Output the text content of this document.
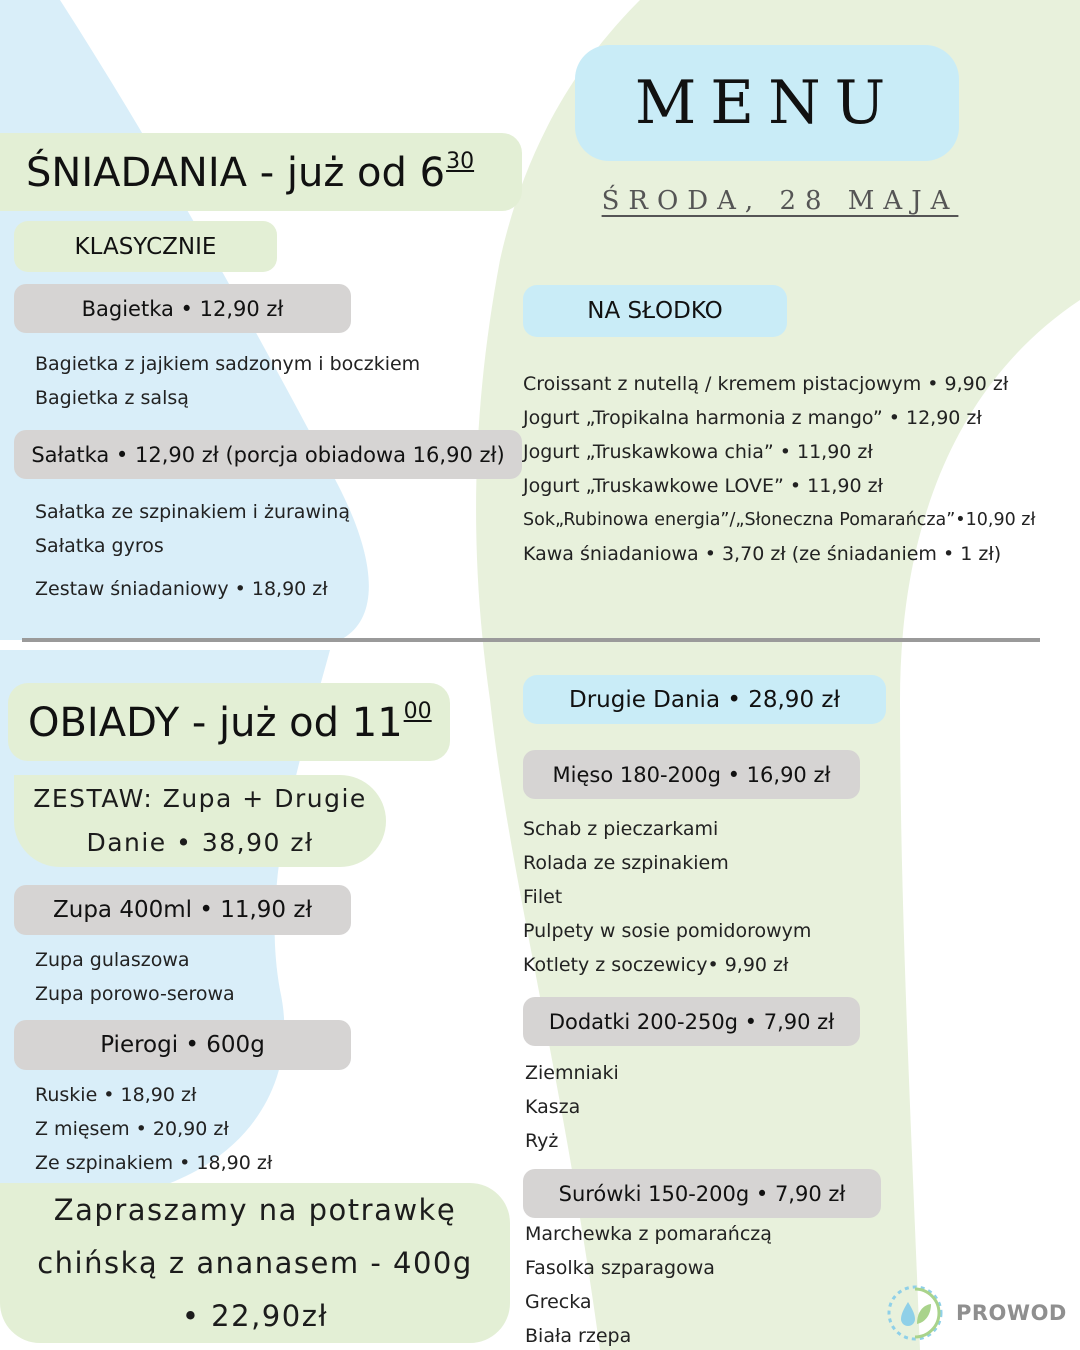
MENU
ŚRODA, 28 MAJA
ŚNIADANIA - już od $6^{30}$
KLASYCZNIE
Bagietka • 12,90 zł
Bagietka z jajkiem sadzonym i boczkiem
Bagietka z salsą
Sałatka • 12,90 zł (porcja obiadowa 16,90 zł)
Sałatka ze szpinakiem i żurawiną
Sałatka gyros
Zestaw śniadaniowy • 18,90 zł
NA SŁODKO
Croissant z nutellą / kremem pistacjowym • 9,90 zł
Jogurt „Tropikalna harmonia z mango” • 12,90 zł
Jogurt „Truskawkowa chia” • 11,90 zł
Jogurt „Truskawkowe LOVE” • 11,90 zł
Sok„Rubinowa energia”/„Słoneczna Pomarańcza”•10,90 zł
Kawa śniadaniowa • 3,70 zł (ze śniadaniem • 1 zł)
OBIADY - już od $11^{00}$
ZESTAW: Zupa + Drugie
Danie • 38,90 zł
Zupa 400ml • 11,90 zł
Zupa gulaszowa
Zupa porowo-serowa
Pierogi • 600g
Ruskie • 18,90 zł
Z mięsem • 20,90 zł
Ze szpinakiem • 18,90 zł
Zapraszamy na potrawkę
chińską z ananasem - 400g
• 22,90zł
Drugie Dania • 28,90 zł
Mięso 180-200g • 16,90 zł
Schab z pieczarkami
Rolada ze szpinakiem
Filet
Pulpety w sosie pomidorowym
Kotlety z soczewicy• 9,90 zł
Dodatki 200-250g • 7,90 zł
Ziemniaki
Kasza
Ryż
Surówki 150-200g • 7,90 zł
Marchewka z pomarańczą
Fasolka szparagowa
Grecka
Biała rzepa
PROWOD
